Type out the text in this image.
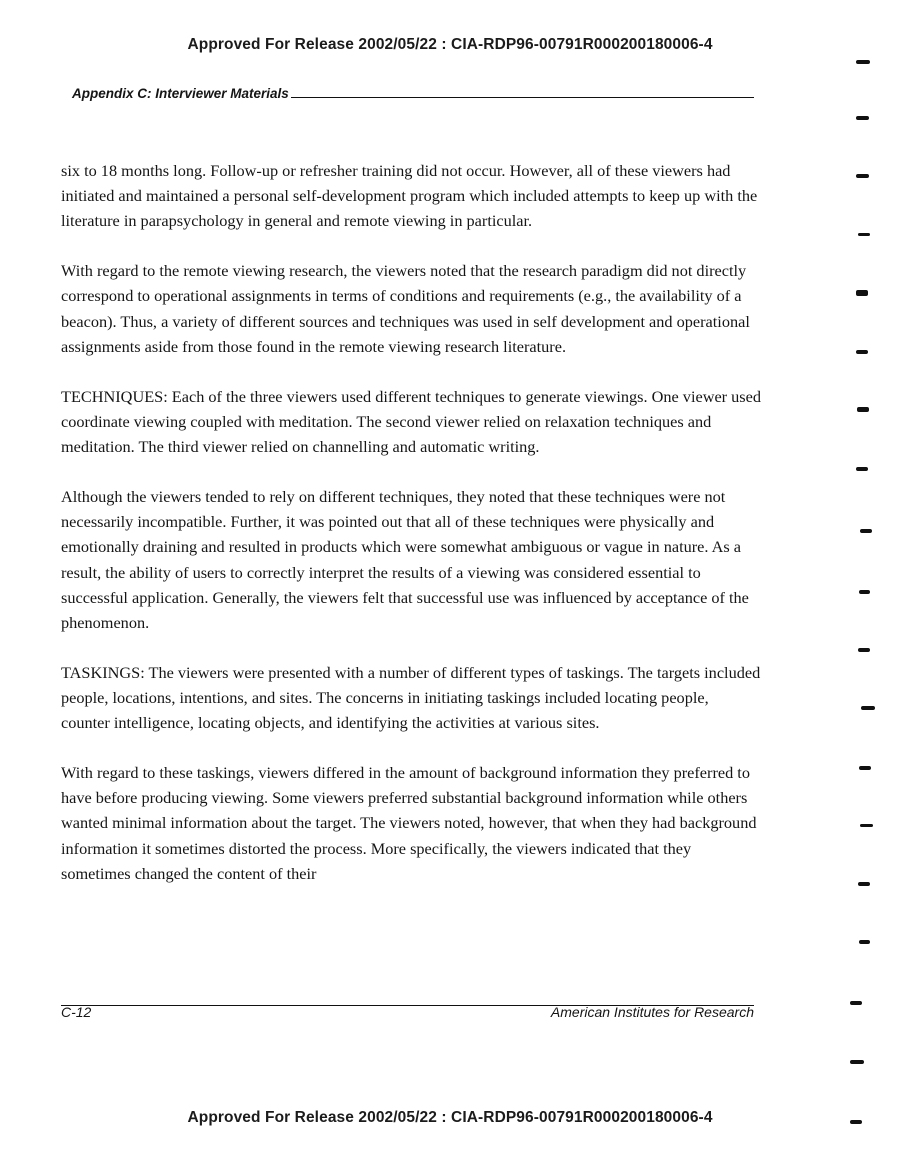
Approved For Release 2002/05/22 : CIA-RDP96-00791R000200180006-4
Appendix C: Interviewer Materials

six to 18 months long. Follow-up or refresher training did not occur. However, all of these viewers had initiated and maintained a personal self-development program which included attempts to keep up with the literature in parapsychology in general and remote viewing in particular.

With regard to the remote viewing research, the viewers noted that the research paradigm did not directly correspond to operational assignments in terms of conditions and requirements (e.g., the availability of a beacon). Thus, a variety of different sources and techniques was used in self development and operational assignments aside from those found in the remote viewing research literature.

TECHNIQUES: Each of the three viewers used different techniques to generate viewings. One viewer used coordinate viewing coupled with meditation. The second viewer relied on relaxation techniques and meditation. The third viewer relied on channelling and automatic writing.

Although the viewers tended to rely on different techniques, they noted that these techniques were not necessarily incompatible. Further, it was pointed out that all of these techniques were physically and emotionally draining and resulted in products which were somewhat ambiguous or vague in nature. As a result, the ability of users to correctly interpret the results of a viewing was considered essential to successful application. Generally, the viewers felt that successful use was influenced by acceptance of the phenomenon.

TASKINGS: The viewers were presented with a number of different types of taskings. The targets included people, locations, intentions, and sites. The concerns in initiating taskings included locating people, counter intelligence, locating objects, and identifying the activities at various sites.

With regard to these taskings, viewers differed in the amount of background information they preferred to have before producing viewing. Some viewers preferred substantial background information while others wanted minimal information about the target. The viewers noted, however, that when they had background information it sometimes distorted the process. More specifically, the viewers indicated that they sometimes changed the content of their

C-12	American Institutes for Research
Approved For Release 2002/05/22 : CIA-RDP96-00791R000200180006-4
